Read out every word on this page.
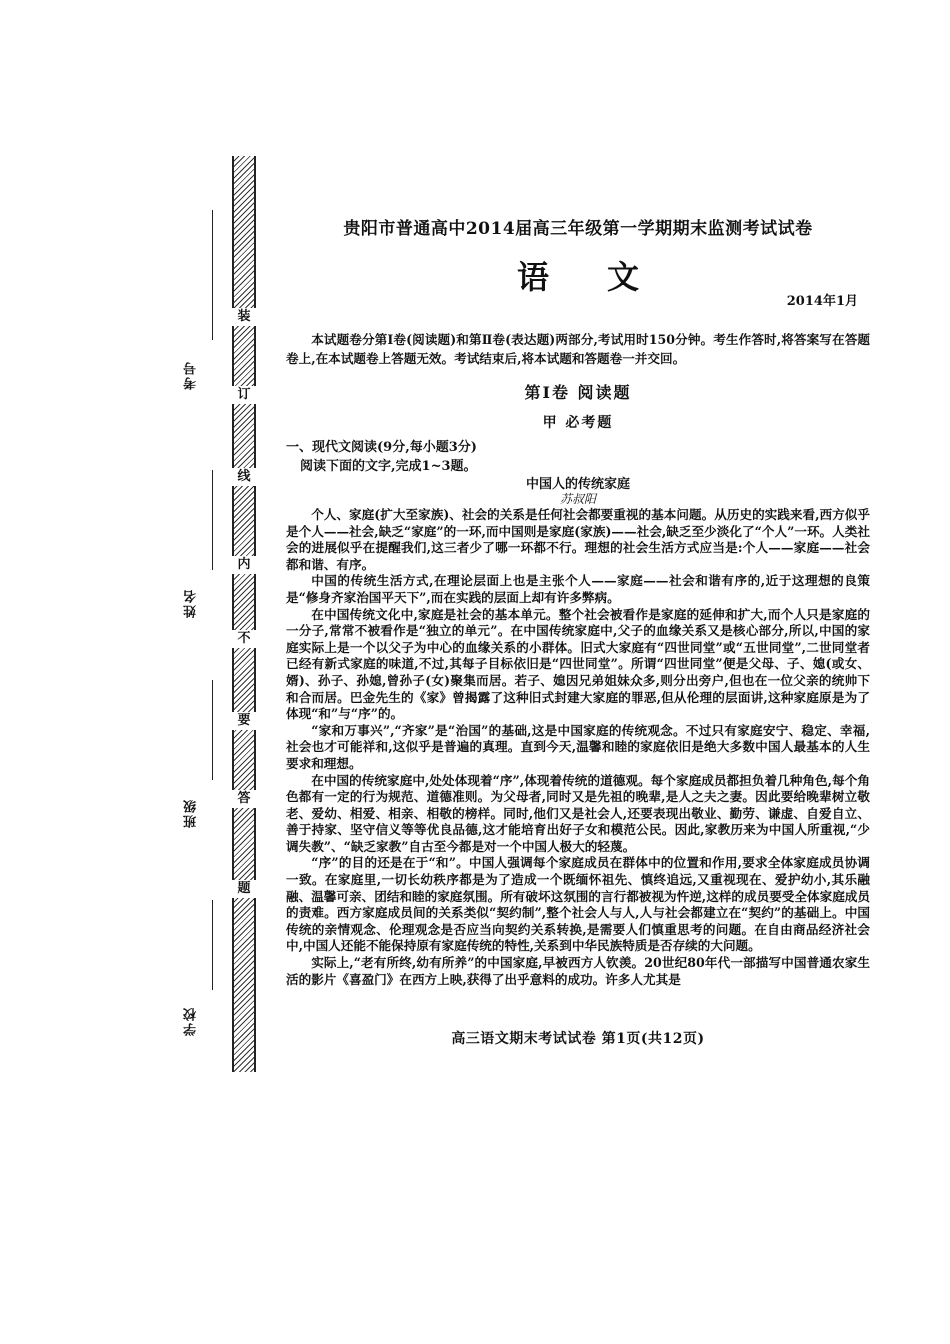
装
订
线
内
不
要
答
题
考号
姓名
班级
学校
贵阳市普通高中2014届高三年级第一学期期末监测考试试卷
语文
2014年1月
本试题卷分第Ⅰ卷(阅读题)和第Ⅱ卷(表达题)两部分,考试用时150分钟。考生作答时,将答案写在答题卷上,在本试题卷上答题无效。考试结束后,将本试题和答题卷一并交回。
第Ⅰ卷 阅读题
甲 必考题
一、现代文阅读(9分,每小题3分)
阅读下面的文字,完成1~3题。
中国人的传统家庭
苏叔阳

个人、家庭(扩大至家族)、社会的关系是任何社会都要重视的基本问题。从历史的实践来看,西方似乎是个人——社会,缺乏“家庭”的一环,而中国则是家庭(家族)——社会,缺乏至少淡化了“个人”一环。人类社会的进展似乎在提醒我们,这三者少了哪一环都不行。理想的社会生活方式应当是:个人——家庭——社会都和谐、有序。

中国的传统生活方式,在理论层面上也是主张个人——家庭——社会和谐有序的,近于这理想的良策是“修身齐家治国平天下”,而在实践的层面上却有许多弊病。

在中国传统文化中,家庭是社会的基本单元。整个社会被看作是家庭的延伸和扩大,而个人只是家庭的一分子,常常不被看作是“独立的单元”。在中国传统家庭中,父子的血缘关系又是核心部分,所以,中国的家庭实际上是一个以父子为中心的血缘关系的小群体。旧式大家庭有“四世同堂”或“五世同堂”,二世同堂者已经有新式家庭的味道,不过,其每子目标依旧是“四世同堂”。所谓“四世同堂”便是父母、子、媳(或女、婿)、孙子、孙媳,曾孙子(女)聚集而居。若子、媳因兄弟姐妹众多,则分出旁户,但也在一位父亲的统帅下和合而居。巴金先生的《家》曾揭露了这种旧式封建大家庭的罪恶,但从伦理的层面讲,这种家庭原是为了体现“和”与“序”的。

“家和万事兴”,“齐家”是“治国”的基础,这是中国家庭的传统观念。不过只有家庭安宁、稳定、幸福,社会也才可能祥和,这似乎是普遍的真理。直到今天,温馨和睦的家庭依旧是绝大多数中国人最基本的人生要求和理想。

在中国的传统家庭中,处处体现着“序”,体现着传统的道德观。每个家庭成员都担负着几种角色,每个角色都有一定的行为规范、道德准则。为父母者,同时又是先祖的晚辈,是人之夫之妻。因此要给晚辈树立敬老、爱幼、相爱、相亲、相敬的榜样。同时,他们又是社会人,还要表现出敬业、勤劳、谦虚、自爱自立、善于持家、坚守信义等等优良品德,这才能培育出好子女和模范公民。因此,家教历来为中国人所重视,“少调失教”、“缺乏家教”自古至今都是对一个中国人极大的轻蔑。

“序”的目的还是在于“和”。中国人强调每个家庭成员在群体中的位置和作用,要求全体家庭成员协调一致。在家庭里,一切长幼秩序都是为了造成一个既缅怀祖先、慎终追远,又重视现在、爱护幼小,其乐融融、温馨可亲、团结和睦的家庭氛围。所有破坏这氛围的言行都被视为忤逆,这样的成员要受全体家庭成员的责难。西方家庭成员间的关系类似“契约制”,整个社会人与人,人与社会都建立在“契约”的基础上。中国传统的亲情观念、伦理观念是否应当向契约关系转换,是需要人们慎重思考的问题。在自由商品经济社会中,中国人还能不能保持原有家庭传统的特性,关系到中华民族特质是否存续的大问题。

实际上,“老有所终,幼有所养”的中国家庭,早被西方人钦羡。20世纪80年代一部描写中国普通农家生活的影片《喜盈门》在西方上映,获得了出乎意料的成功。许多人尤其是

高三语文期末考试试卷 第1页(共12页)
